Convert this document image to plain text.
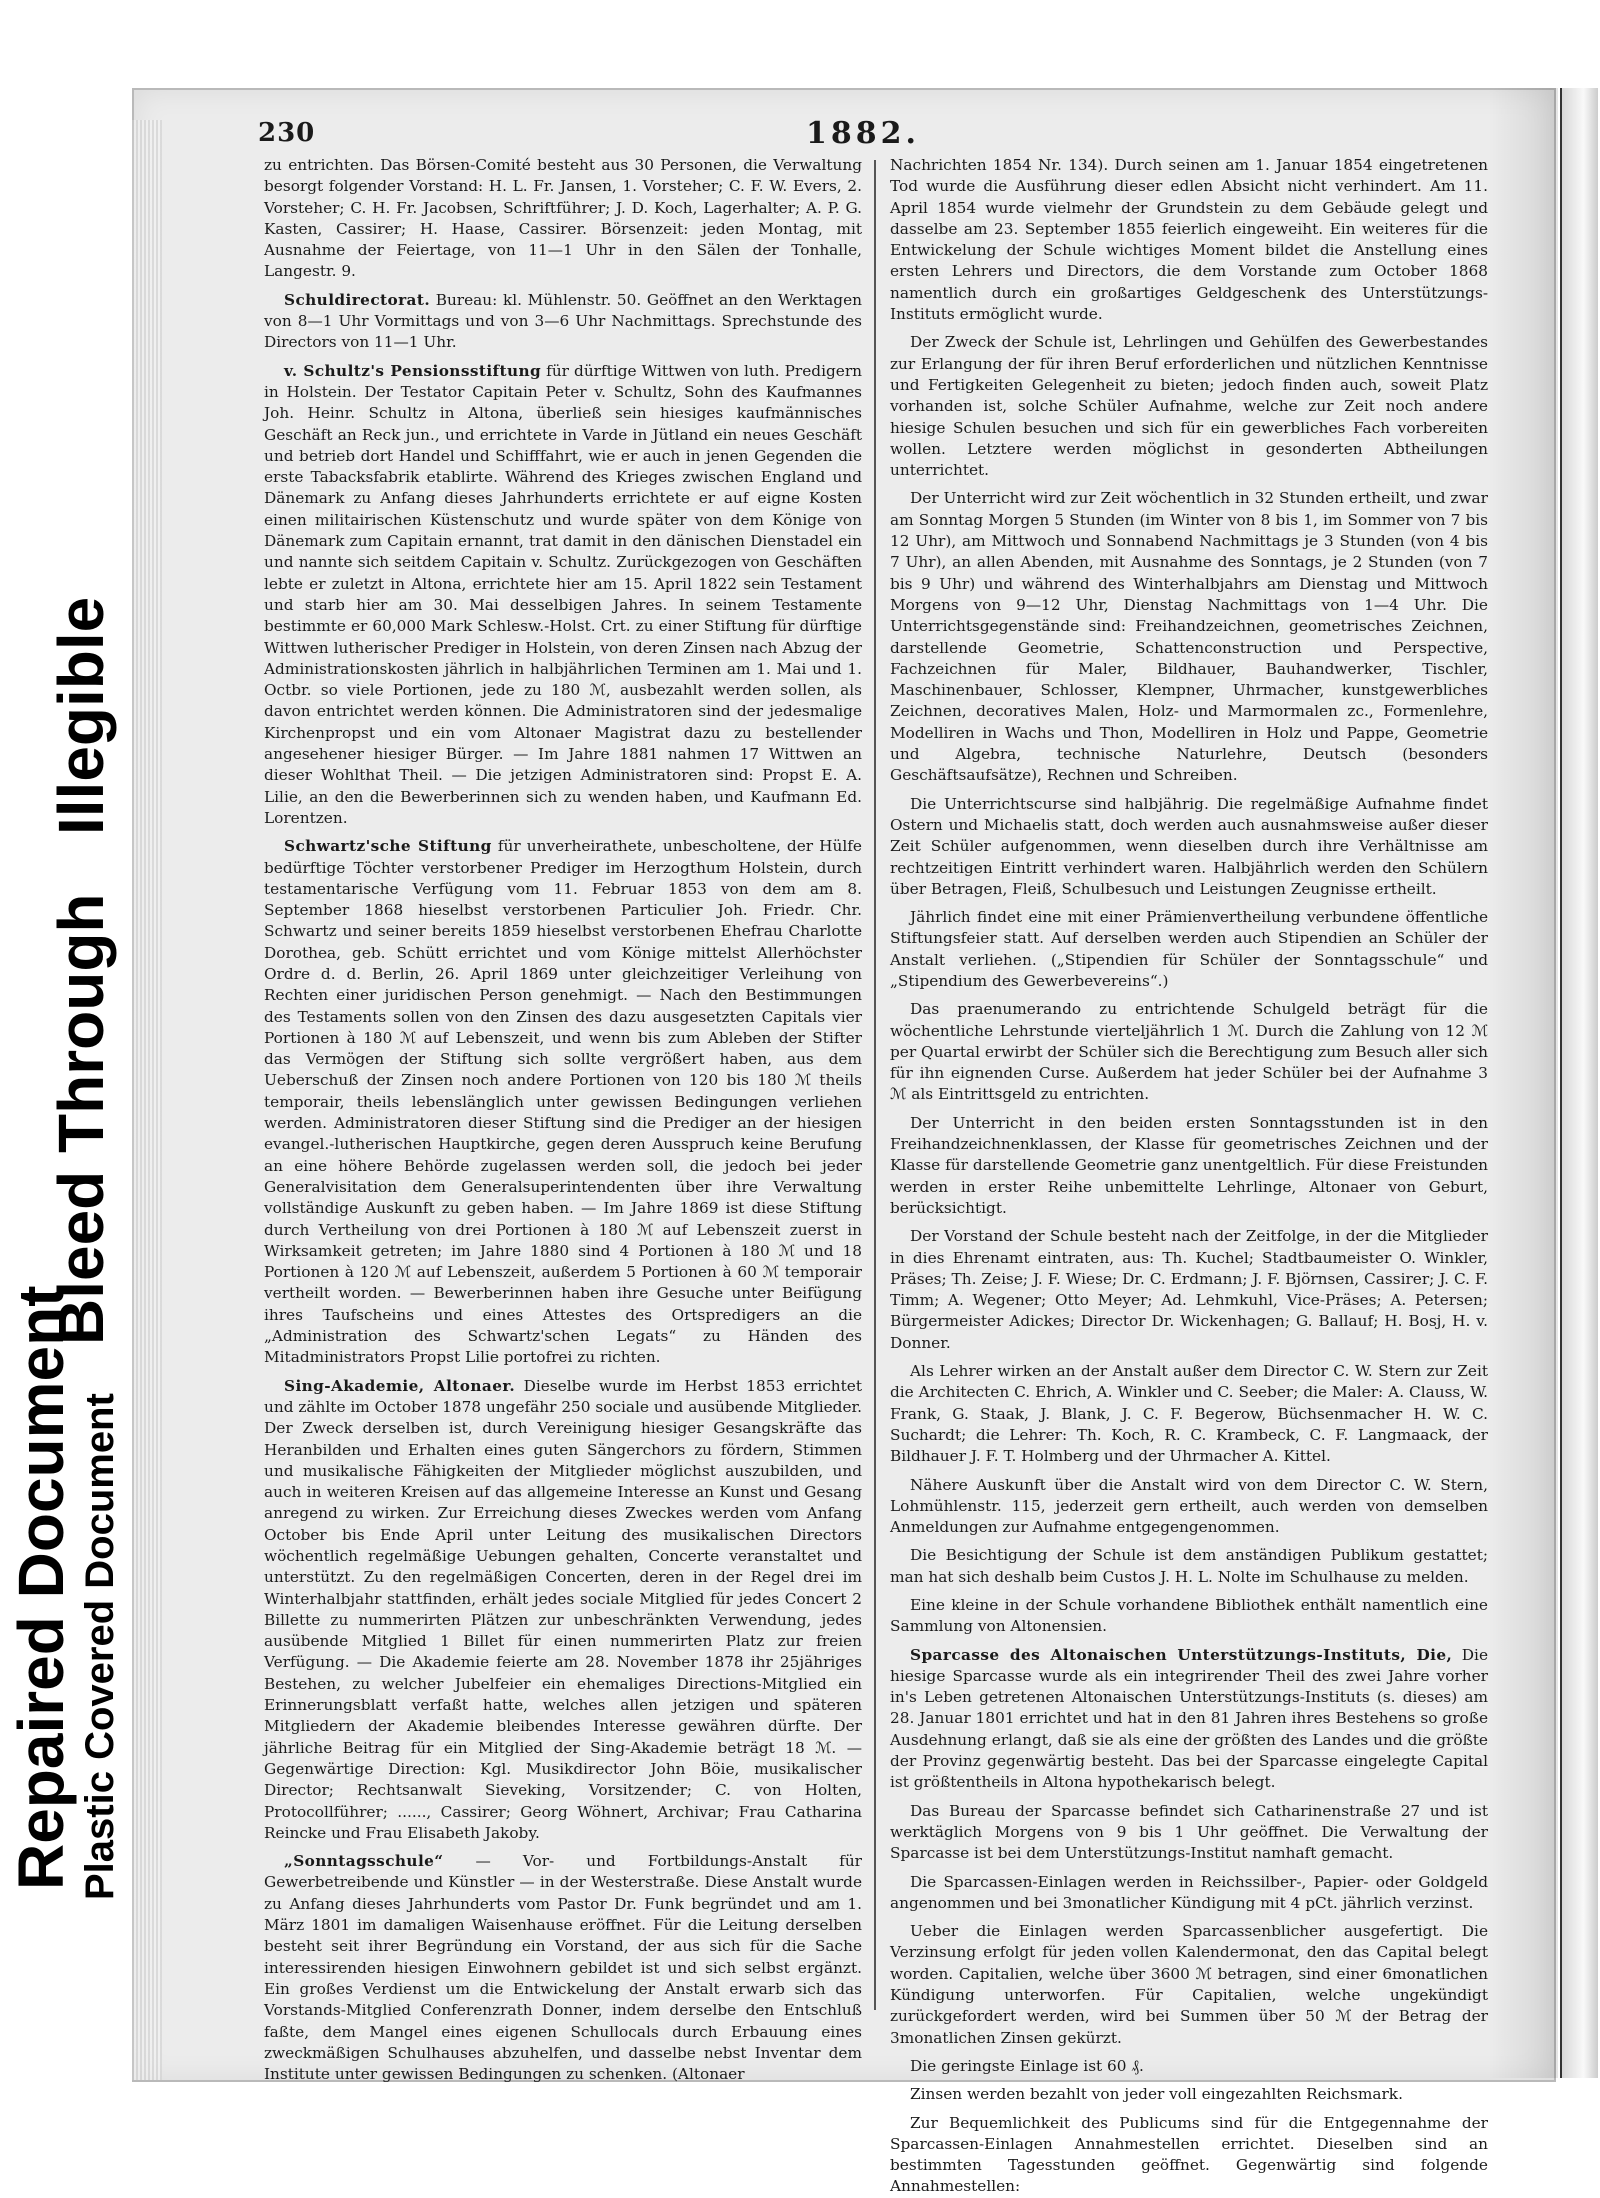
Repaired Document Plastic Covered Document
Bleed Through
Illegible
230	1882.

zu entrichten. Das Börsen-Comité besteht aus 30 Personen, die Verwaltung besorgt folgender Vorstand: H. L. Fr. Jansen, 1. Vorsteher; C. F. W. Evers, 2. Vorsteher; C. H. Fr. Jacobsen, Schriftführer; J. D. Koch, Lagerhalter; A. P. G. Kasten, Cassirer; H. Haase, Cassirer. Börsenzeit: jeden Montag, mit Ausnahme der Feiertage, von 11—1 Uhr in den Sälen der Tonhalle, Langestr. 9.

Schuldirectorat. Bureau: kl. Mühlenstr. 50. Geöffnet an den Werktagen von 8—1 Uhr Vormittags und von 3—6 Uhr Nachmittags. Sprechstunde des Directors von 11—1 Uhr.

v. Schultz's Pensionsstiftung für dürftige Wittwen von luth. Predigern in Holstein. Der Testator Capitain Peter v. Schultz, Sohn des Kaufmannes Joh. Heinr. Schultz in Altona, überließ sein hiesiges kaufmännisches Geschäft an Reck jun., und errichtete in Varde in Jütland ein neues Geschäft und betrieb dort Handel und Schifffahrt, wie er auch in jenen Gegenden die erste Tabacksfabrik etablirte. Während des Krieges zwischen England und Dänemark zu Anfang dieses Jahrhunderts errichtete er auf eigne Kosten einen militairischen Küstenschutz und wurde später von dem Könige von Dänemark zum Capitain ernannt, trat damit in den dänischen Dienstadel ein und nannte sich seitdem Capitain v. Schultz. Zurückgezogen von Geschäften lebte er zuletzt in Altona, errichtete hier am 15. April 1822 sein Testament und starb hier am 30. Mai desselbigen Jahres. In seinem Testamente bestimmte er 60,000 Mark Schlesw.-Holst. Crt. zu einer Stiftung für dürftige Wittwen lutherischer Prediger in Holstein, von deren Zinsen nach Abzug der Administrationskosten jährlich in halbjährlichen Terminen am 1. Mai und 1. Octbr. so viele Portionen, jede zu 180 ℳ, ausbezahlt werden sollen, als davon entrichtet werden können. Die Administratoren sind der jedesmalige Kirchenpropst und ein vom Altonaer Magistrat dazu zu bestellender angesehener hiesiger Bürger. — Im Jahre 1881 nahmen 17 Wittwen an dieser Wohlthat Theil. — Die jetzigen Administratoren sind: Propst E. A. Lilie, an den die Bewerberinnen sich zu wenden haben, und Kaufmann Ed. Lorentzen.

Schwartz'sche Stiftung für unverheirathete, unbescholtene, der Hülfe bedürftige Töchter verstorbener Prediger im Herzogthum Holstein, durch testamentarische Verfügung vom 11. Februar 1853 von dem am 8. September 1868 hieselbst verstorbenen Particulier Joh. Friedr. Chr. Schwartz und seiner bereits 1859 hieselbst verstorbenen Ehefrau Charlotte Dorothea, geb. Schütt errichtet und vom Könige mittelst Allerhöchster Ordre d. d. Berlin, 26. April 1869 unter gleichzeitiger Verleihung von Rechten einer juridischen Person genehmigt. — Nach den Bestimmungen des Testaments sollen von den Zinsen des dazu ausgesetzten Capitals vier Portionen à 180 ℳ auf Lebenszeit, und wenn bis zum Ableben der Stifter das Vermögen der Stiftung sich sollte vergrößert haben, aus dem Ueberschuß der Zinsen noch andere Portionen von 120 bis 180 ℳ theils temporair, theils lebenslänglich unter gewissen Bedingungen verliehen werden. Administratoren dieser Stiftung sind die Prediger an der hiesigen evangel.-lutherischen Hauptkirche, gegen deren Ausspruch keine Berufung an eine höhere Behörde zugelassen werden soll, die jedoch bei jeder Generalvisitation dem Generalsuperintendenten über ihre Verwaltung vollständige Auskunft zu geben haben. — Im Jahre 1869 ist diese Stiftung durch Vertheilung von drei Portionen à 180 ℳ auf Lebenszeit zuerst in Wirksamkeit getreten; im Jahre 1880 sind 4 Portionen à 180 ℳ und 18 Portionen à 120 ℳ auf Lebenszeit, außerdem 5 Portionen à 60 ℳ temporair vertheilt worden. — Bewerberinnen haben ihre Gesuche unter Beifügung ihres Taufscheins und eines Attestes des Ortspredigers an die „Administration des Schwartz'schen Legats“ zu Händen des Mitadministrators Propst Lilie portofrei zu richten.

Sing-Akademie, Altonaer. Dieselbe wurde im Herbst 1853 errichtet und zählte im October 1878 ungefähr 250 sociale und ausübende Mitglieder. Der Zweck derselben ist, durch Vereinigung hiesiger Gesangskräfte das Heranbilden und Erhalten eines guten Sängerchors zu fördern, Stimmen und musikalische Fähigkeiten der Mitglieder möglichst auszubilden, und auch in weiteren Kreisen auf das allgemeine Interesse an Kunst und Gesang anregend zu wirken. Zur Erreichung dieses Zweckes werden vom Anfang October bis Ende April unter Leitung des musikalischen Directors wöchentlich regelmäßige Uebungen gehalten, Concerte veranstaltet und unterstützt. Zu den regelmäßigen Concerten, deren in der Regel drei im Winterhalbjahr stattfinden, erhält jedes sociale Mitglied für jedes Concert 2 Billette zu nummerirten Plätzen zur unbeschränkten Verwendung, jedes ausübende Mitglied 1 Billet für einen nummerirten Platz zur freien Verfügung. — Die Akademie feierte am 28. November 1878 ihr 25jähriges Bestehen, zu welcher Jubelfeier ein ehemaliges Directions-Mitglied ein Erinnerungsblatt verfaßt hatte, welches allen jetzigen und späteren Mitgliedern der Akademie bleibendes Interesse gewähren dürfte. Der jährliche Beitrag für ein Mitglied der Sing-Akademie beträgt 18 ℳ. — Gegenwärtige Direction: Kgl. Musikdirector John Böie, musikalischer Director; Rechtsanwalt Sieveking, Vorsitzender; C. von Holten, Protocollführer; ......, Cassirer; Georg Wöhnert, Archivar; Frau Catharina Reincke und Frau Elisabeth Jakoby.

„Sonntagsschule“ — Vor- und Fortbildungs-Anstalt für Gewerbetreibende und Künstler — in der Westerstraße. Diese Anstalt wurde zu Anfang dieses Jahrhunderts vom Pastor Dr. Funk begründet und am 1. März 1801 im damaligen Waisenhause eröffnet. Für die Leitung derselben besteht seit ihrer Begründung ein Vorstand, der aus sich für die Sache interessirenden hiesigen Einwohnern gebildet ist und sich selbst ergänzt. Ein großes Verdienst um die Entwickelung der Anstalt erwarb sich das Vorstands-Mitglied Conferenzrath Donner, indem derselbe den Entschluß faßte, dem Mangel eines eigenen Schullocals durch Erbauung eines zweckmäßigen Schulhauses abzuhelfen, und dasselbe nebst Inventar dem Institute unter gewissen Bedingungen zu schenken. (Altonaer

Nachrichten 1854 Nr. 134). Durch seinen am 1. Januar 1854 eingetretenen Tod wurde die Ausführung dieser edlen Absicht nicht verhindert. Am 11. April 1854 wurde vielmehr der Grundstein zu dem Gebäude gelegt und dasselbe am 23. September 1855 feierlich eingeweiht. Ein weiteres für die Entwickelung der Schule wichtiges Moment bildet die Anstellung eines ersten Lehrers und Directors, die dem Vorstande zum October 1868 namentlich durch ein großartiges Geldgeschenk des Unterstützungs-Instituts ermöglicht wurde.

Der Zweck der Schule ist, Lehrlingen und Gehülfen des Gewerbestandes zur Erlangung der für ihren Beruf erforderlichen und nützlichen Kenntnisse und Fertigkeiten Gelegenheit zu bieten; jedoch finden auch, soweit Platz vorhanden ist, solche Schüler Aufnahme, welche zur Zeit noch andere hiesige Schulen besuchen und sich für ein gewerbliches Fach vorbereiten wollen. Letztere werden möglichst in gesonderten Abtheilungen unterrichtet.

Der Unterricht wird zur Zeit wöchentlich in 32 Stunden ertheilt, und zwar am Sonntag Morgen 5 Stunden (im Winter von 8 bis 1, im Sommer von 7 bis 12 Uhr), am Mittwoch und Sonnabend Nachmittags je 3 Stunden (von 4 bis 7 Uhr), an allen Abenden, mit Ausnahme des Sonntags, je 2 Stunden (von 7 bis 9 Uhr) und während des Winterhalbjahrs am Dienstag und Mittwoch Morgens von 9—12 Uhr, Dienstag Nachmittags von 1—4 Uhr. Die Unterrichtsgegenstände sind: Freihandzeichnen, geometrisches Zeichnen, darstellende Geometrie, Schattenconstruction und Perspective, Fachzeichnen für Maler, Bildhauer, Bauhandwerker, Tischler, Maschinenbauer, Schlosser, Klempner, Uhrmacher, kunstgewerbliches Zeichnen, decoratives Malen, Holz- und Marmormalen zc., Formenlehre, Modelliren in Wachs und Thon, Modelliren in Holz und Pappe, Geometrie und Algebra, technische Naturlehre, Deutsch (besonders Geschäftsaufsätze), Rechnen und Schreiben.

Die Unterrichtscurse sind halbjährig. Die regelmäßige Aufnahme findet Ostern und Michaelis statt, doch werden auch ausnahmsweise außer dieser Zeit Schüler aufgenommen, wenn dieselben durch ihre Verhältnisse am rechtzeitigen Eintritt verhindert waren. Halbjährlich werden den Schülern über Betragen, Fleiß, Schulbesuch und Leistungen Zeugnisse ertheilt.

Jährlich findet eine mit einer Prämienvertheilung verbundene öffentliche Stiftungsfeier statt. Auf derselben werden auch Stipendien an Schüler der Anstalt verliehen. („Stipendien für Schüler der Sonntagsschule“ und „Stipendium des Gewerbevereins“.)

Das praenumerando zu entrichtende Schulgeld beträgt für die wöchentliche Lehrstunde vierteljährlich 1 ℳ. Durch die Zahlung von 12 ℳ per Quartal erwirbt der Schüler sich die Berechtigung zum Besuch aller sich für ihn eignenden Curse. Außerdem hat jeder Schüler bei der Aufnahme 3 ℳ als Eintrittsgeld zu entrichten.

Der Unterricht in den beiden ersten Sonntagsstunden ist in den Freihandzeichnenklassen, der Klasse für geometrisches Zeichnen und der Klasse für darstellende Geometrie ganz unentgeltlich. Für diese Freistunden werden in erster Reihe unbemittelte Lehrlinge, Altonaer von Geburt, berücksichtigt.

Der Vorstand der Schule besteht nach der Zeitfolge, in der die Mitglieder in dies Ehrenamt eintraten, aus: Th. Kuchel; Stadtbaumeister O. Winkler, Präses; Th. Zeise; J. F. Wiese; Dr. C. Erdmann; J. F. Björnsen, Cassirer; J. C. F. Timm; A. Wegener; Otto Meyer; Ad. Lehmkuhl, Vice-Präses; A. Petersen; Bürgermeister Adickes; Director Dr. Wickenhagen; G. Ballauf; H. Bosj, H. v. Donner.

Als Lehrer wirken an der Anstalt außer dem Director C. W. Stern zur Zeit die Architecten C. Ehrich, A. Winkler und C. Seeber; die Maler: A. Clauss, W. Frank, G. Staak, J. Blank, J. C. F. Begerow, Büchsenmacher H. W. C. Suchardt; die Lehrer: Th. Koch, R. C. Krambeck, C. F. Langmaack, der Bildhauer J. F. T. Holmberg und der Uhrmacher A. Kittel.

Nähere Auskunft über die Anstalt wird von dem Director C. W. Stern, Lohmühlenstr. 115, jederzeit gern ertheilt, auch werden von demselben Anmeldungen zur Aufnahme entgegengenommen.

Die Besichtigung der Schule ist dem anständigen Publikum gestattet; man hat sich deshalb beim Custos J. H. L. Nolte im Schulhause zu melden.

Eine kleine in der Schule vorhandene Bibliothek enthält namentlich eine Sammlung von Altonensien.

Sparcasse des Altonaischen Unterstützungs-Instituts, Die, Die hiesige Sparcasse wurde als ein integrirender Theil des zwei Jahre vorher in's Leben getretenen Altonaischen Unterstützungs-Instituts (s. dieses) am 28. Januar 1801 errichtet und hat in den 81 Jahren ihres Bestehens so große Ausdehnung erlangt, daß sie als eine der größten des Landes und die größte der Provinz gegenwärtig besteht. Das bei der Sparcasse eingelegte Capital ist größtentheils in Altona hypothekarisch belegt.

Das Bureau der Sparcasse befindet sich Catharinenstraße 27 und ist werktäglich Morgens von 9 bis 1 Uhr geöffnet. Die Verwaltung der Sparcasse ist bei dem Unterstützungs-Institut namhaft gemacht.

Die Sparcassen-Einlagen werden in Reichssilber-, Papier- oder Goldgeld angenommen und bei 3monatlicher Kündigung mit 4 pCt. jährlich verzinst.

Ueber die Einlagen werden Sparcassenblicher ausgefertigt. Die Verzinsung erfolgt für jeden vollen Kalendermonat, den das Capital belegt worden. Capitalien, welche über 3600 ℳ betragen, sind einer 6monatlichen Kündigung unterworfen. Für Capitalien, welche ungekündigt zurückgefordert werden, wird bei Summen über 50 ℳ der Betrag der 3monatlichen Zinsen gekürzt.

Die geringste Einlage ist 60 ₰.

Zinsen werden bezahlt von jeder voll eingezahlten Reichsmark.

Zur Bequemlichkeit des Publicums sind für die Entgegennahme der Sparcassen-Einlagen Annahmestellen errichtet. Dieselben sind an bestimmten Tagesstunden geöffnet. Gegenwärtig sind folgende Annahmestellen:
